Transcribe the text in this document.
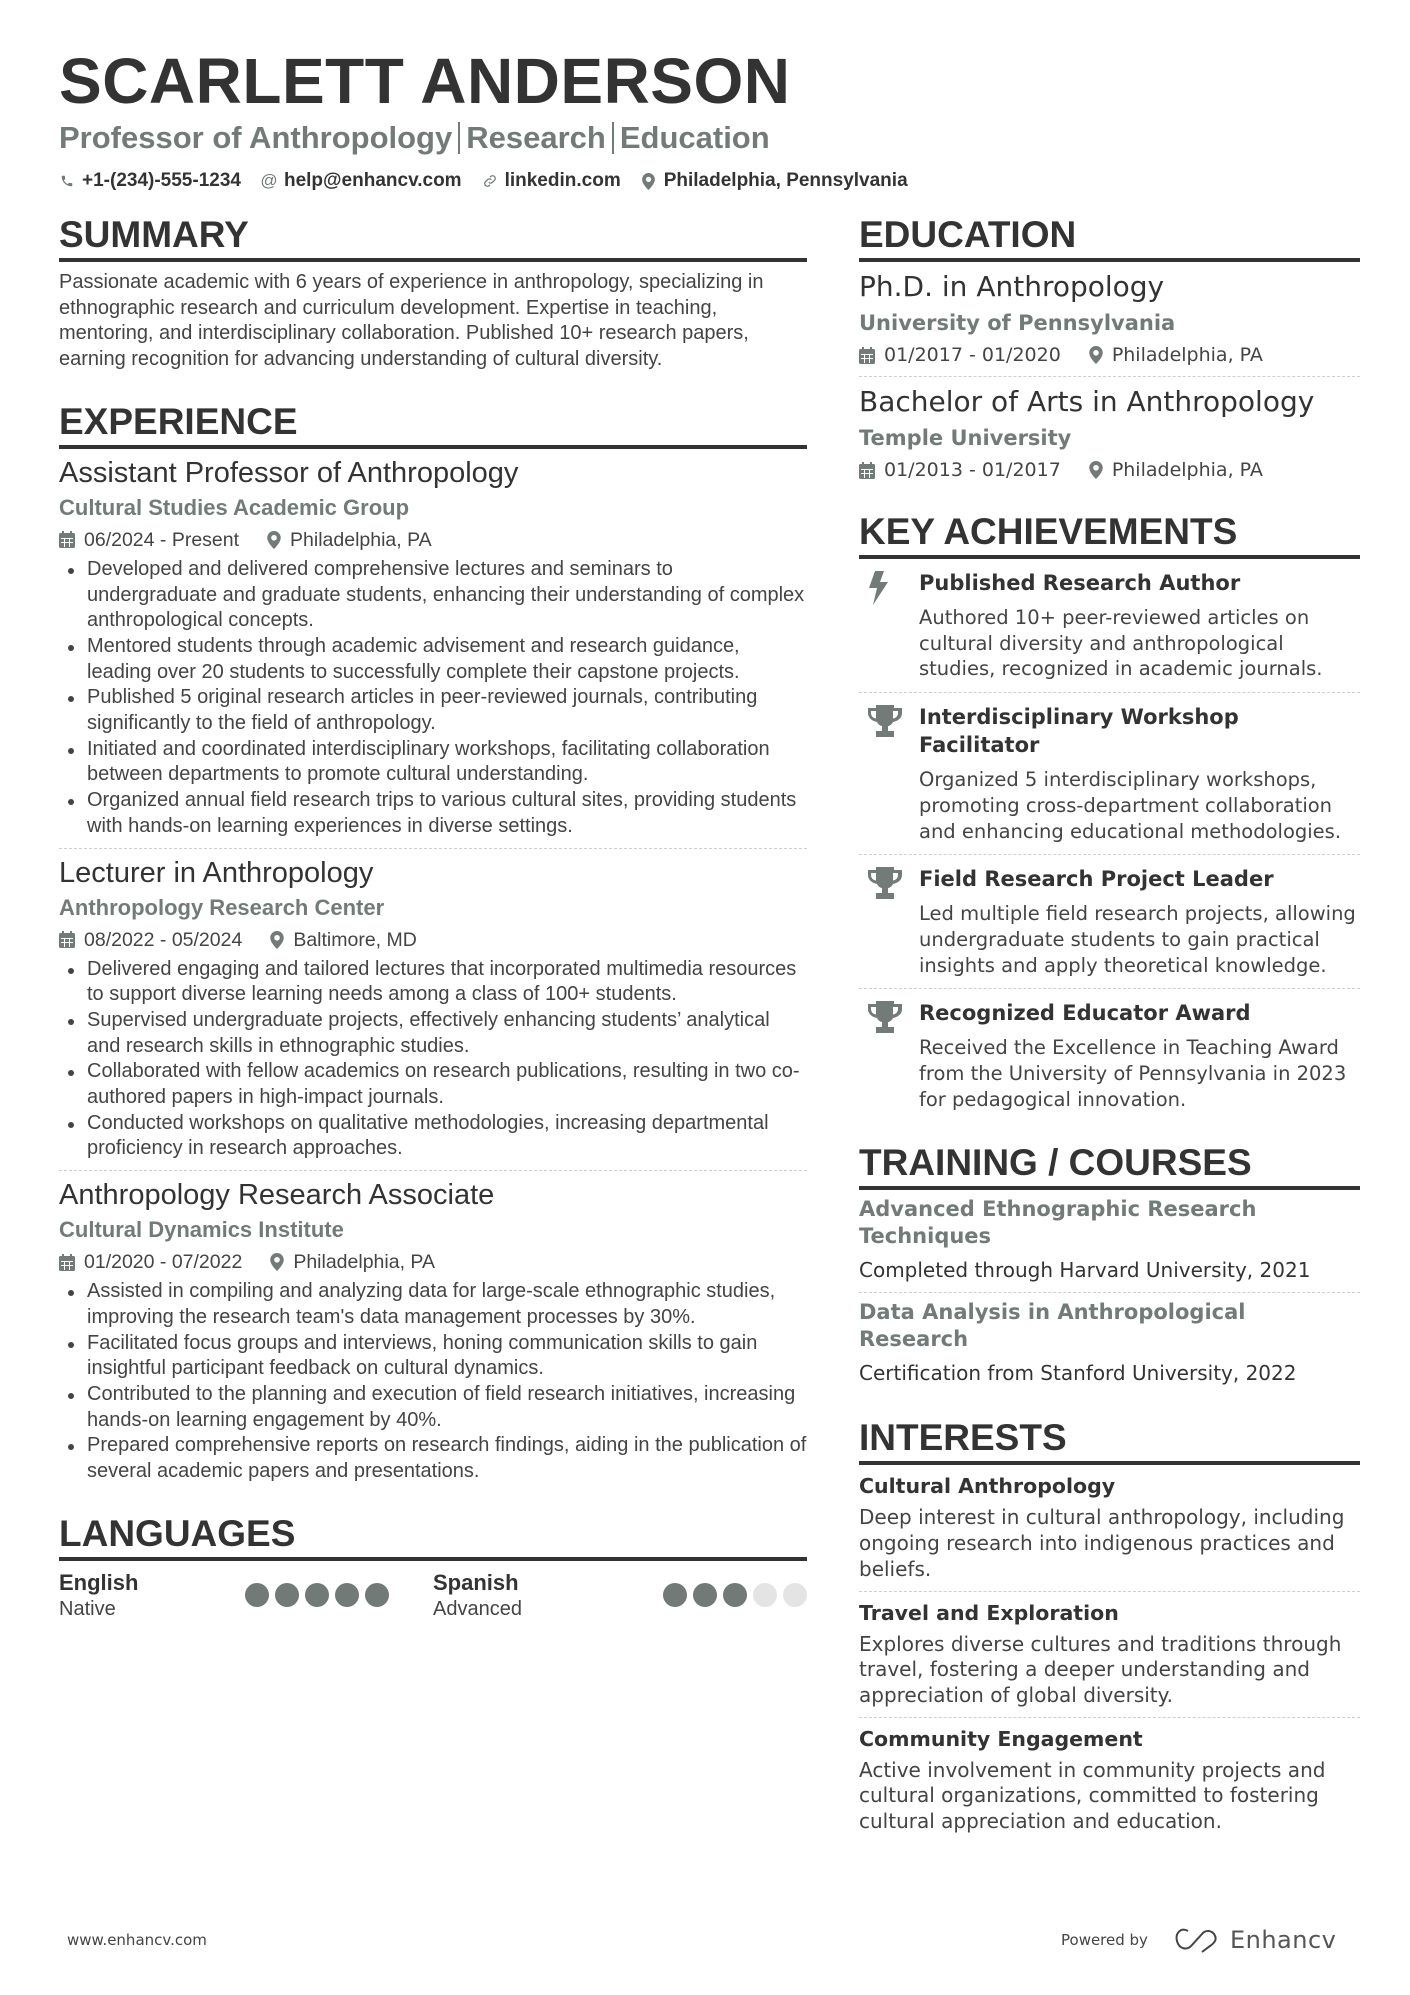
SCARLETT ANDERSON
Professor of Anthropology Research Education
+1-(234)-555-1234 @ help@enhancv.com linkedin.com Philadelphia, Pennsylvania
SUMMARY
Passionate academic with 6 years of experience in anthropology, specializing in ethnographic research and curriculum development. Expertise in teaching, mentoring, and interdisciplinary collaboration. Published 10+ research papers, earning recognition for advancing understanding of cultural diversity.
EXPERIENCE
Assistant Professor of Anthropology
Cultural Studies Academic Group
06/2024 - Present	Philadelphia, PA
Developed and delivered comprehensive lectures and seminars to undergraduate and graduate students, enhancing their understanding of complex anthropological concepts.
Mentored students through academic advisement and research guidance, leading over 20 students to successfully complete their capstone projects.
Published 5 original research articles in peer-reviewed journals, contributing significantly to the field of anthropology.
Initiated and coordinated interdisciplinary workshops, facilitating collaboration between departments to promote cultural understanding.
Organized annual field research trips to various cultural sites, providing students with hands-on learning experiences in diverse settings.
Lecturer in Anthropology
Anthropology Research Center
08/2022 - 05/2024	Baltimore, MD
Delivered engaging and tailored lectures that incorporated multimedia resources to support diverse learning needs among a class of 100+ students.
Supervised undergraduate projects, effectively enhancing students’ analytical and research skills in ethnographic studies.
Collaborated with fellow academics on research publications, resulting in two co-authored papers in high-impact journals.
Conducted workshops on qualitative methodologies, increasing departmental proficiency in research approaches.
Anthropology Research Associate
Cultural Dynamics Institute
01/2020 - 07/2022	Philadelphia, PA
Assisted in compiling and analyzing data for large-scale ethnographic studies, improving the research team's data management processes by 30%.
Facilitated focus groups and interviews, honing communication skills to gain insightful participant feedback on cultural dynamics.
Contributed to the planning and execution of field research initiatives, increasing hands-on learning engagement by 40%.
Prepared comprehensive reports on research findings, aiding in the publication of several academic papers and presentations.
LANGUAGES
English
Native
Spanish
Advanced
EDUCATION
Ph.D. in Anthropology
University of Pennsylvania
01/2017 - 01/2020	Philadelphia, PA
Bachelor of Arts in Anthropology
Temple University
01/2013 - 01/2017	Philadelphia, PA
KEY ACHIEVEMENTS
Published Research Author
Authored 10+ peer-reviewed articles on cultural diversity and anthropological studies, recognized in academic journals.
Interdisciplinary Workshop Facilitator
Organized 5 interdisciplinary workshops, promoting cross-department collaboration and enhancing educational methodologies.
Field Research Project Leader
Led multiple field research projects, allowing undergraduate students to gain practical insights and apply theoretical knowledge.
Recognized Educator Award
Received the Excellence in Teaching Award from the University of Pennsylvania in 2023 for pedagogical innovation.
TRAINING / COURSES
Advanced Ethnographic Research Techniques
Completed through Harvard University, 2021
Data Analysis in Anthropological Research
Certification from Stanford University, 2022
INTERESTS
Cultural Anthropology
Deep interest in cultural anthropology, including ongoing research into indigenous practices and beliefs.
Travel and Exploration
Explores diverse cultures and traditions through travel, fostering a deeper understanding and appreciation of global diversity.
Community Engagement
Active involvement in community projects and cultural organizations, committed to fostering cultural appreciation and education.
www.enhancv.com	Powered by	Enhancv
